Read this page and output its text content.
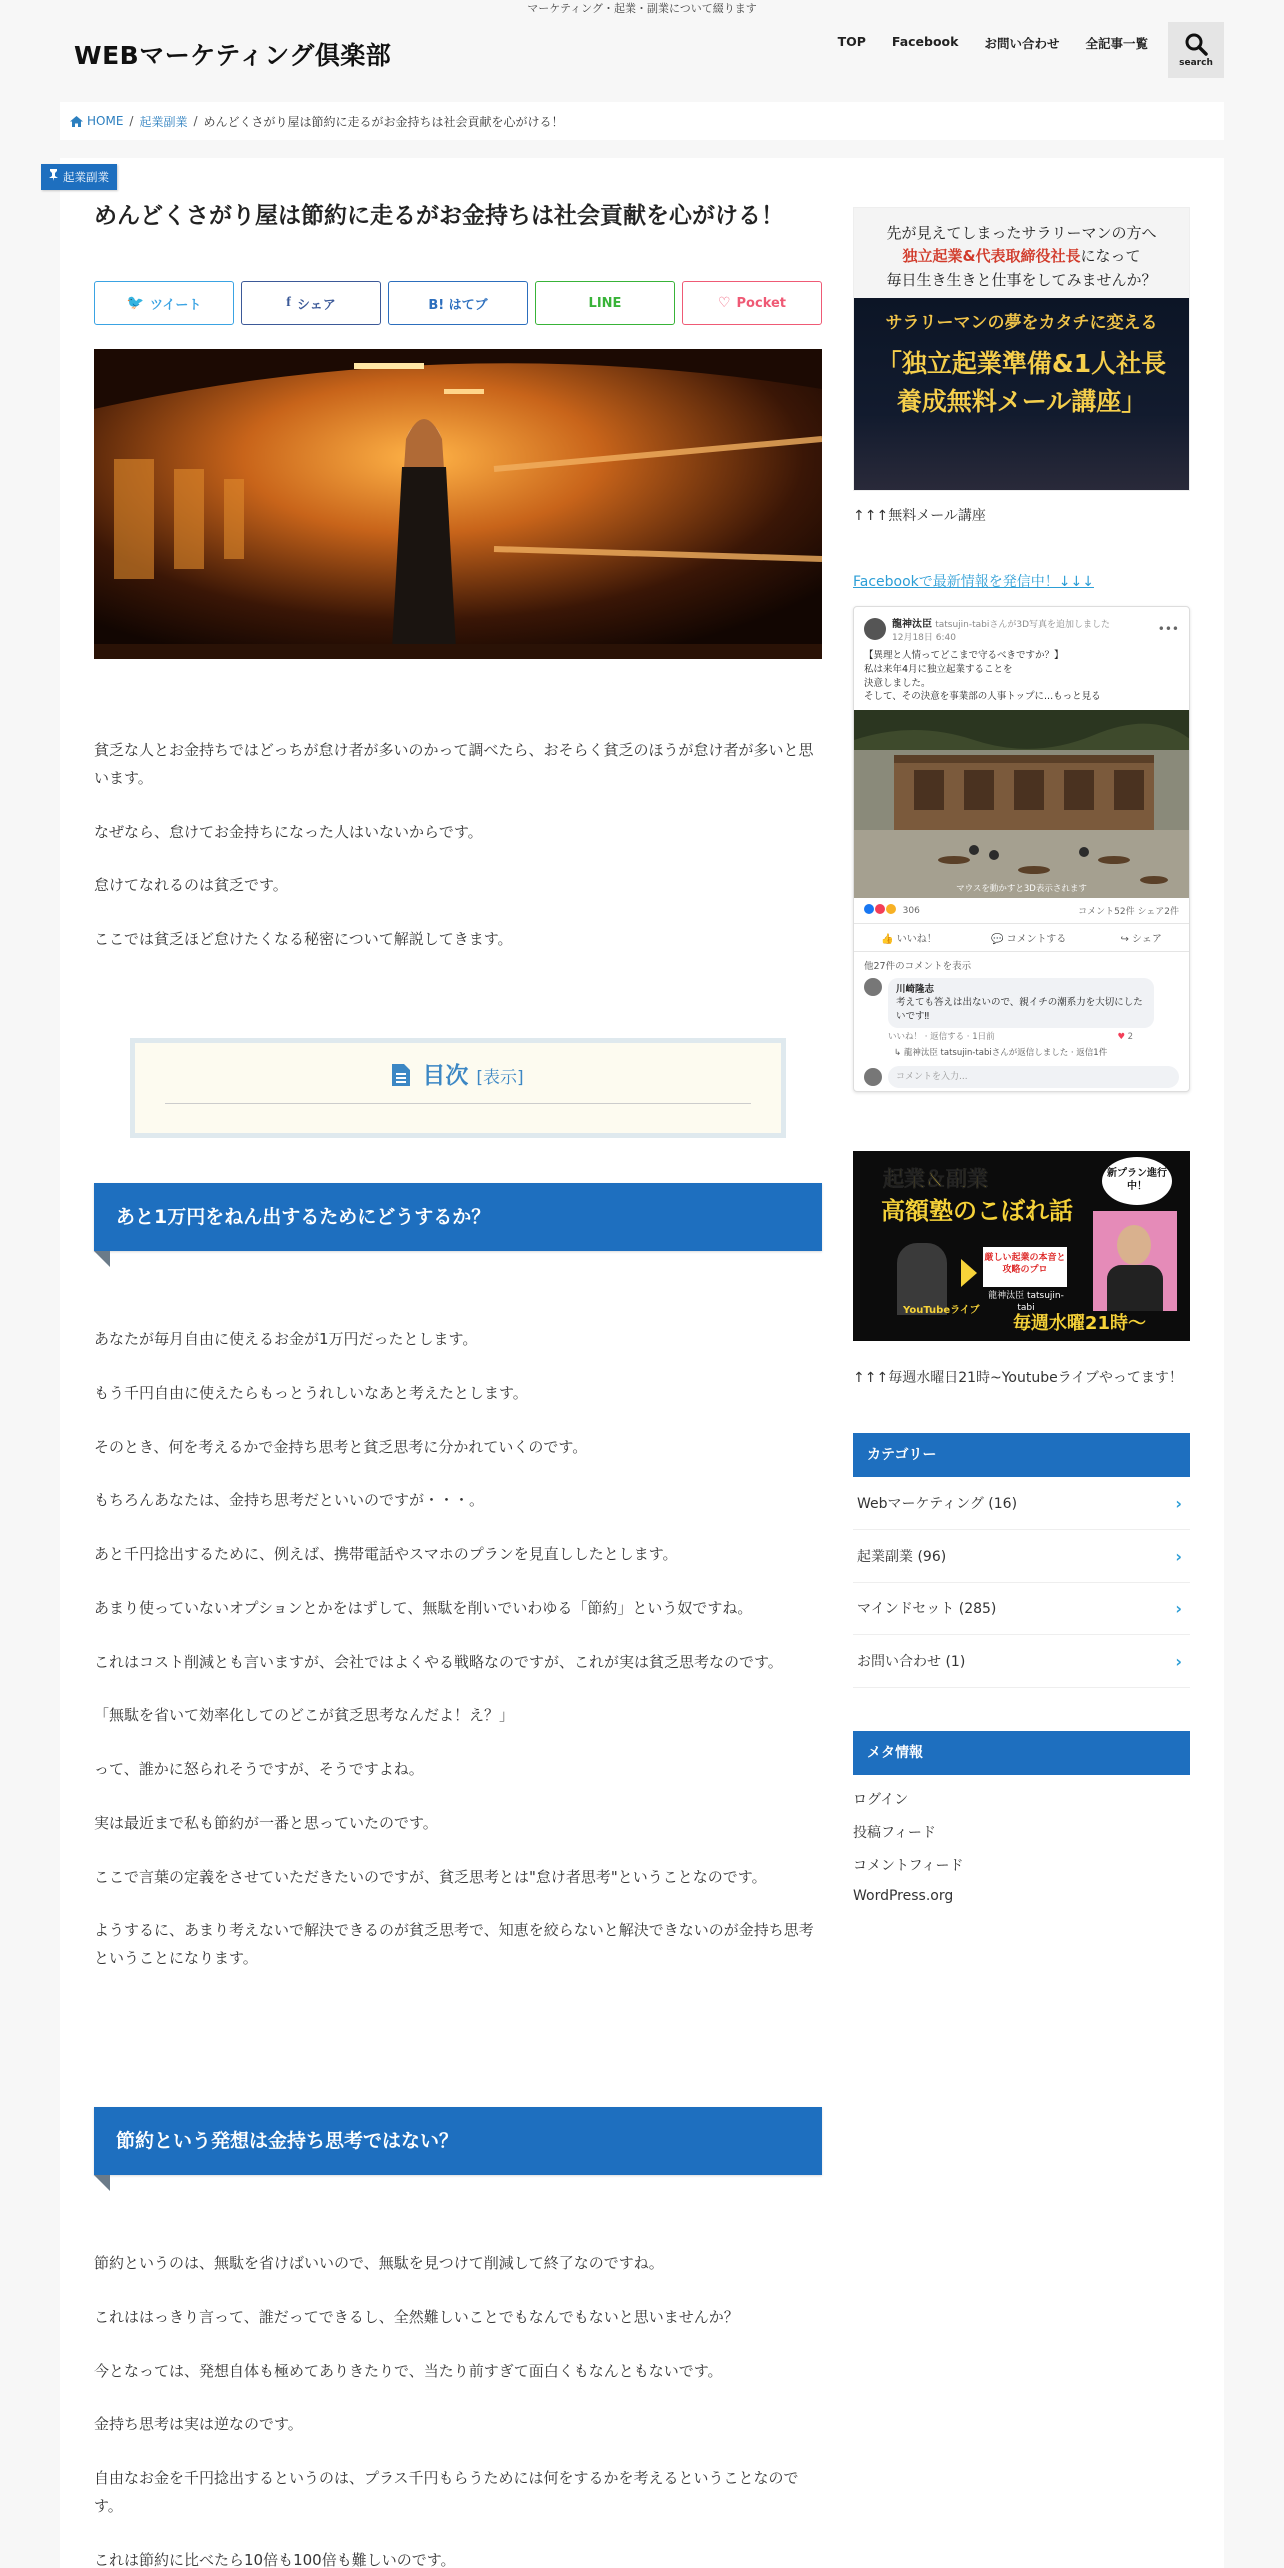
マーケティング・起業・副業について綴ります
WEBマーケティング倶楽部	TOP Facebook お問い合わせ 全記事一覧
search
HOME / 起業副業 / めんどくさがり屋は節約に走るがお金持ちは社会貢献を心がける！
起業副業
めんどくさがり屋は節約に走るがお金持ちは社会貢献を心がける！
🐦 ツイート	f シェア	B! はてブ	LINE	♡ Pocket

貧乏な人とお金持ちではどっちが怠け者が多いのかって調べたら、おそらく貧乏のほうが怠け者が多いと思います。

なぜなら、怠けてお金持ちになった人はいないからです。

怠けてなれるのは貧乏です。

ここでは貧乏ほど怠けたくなる秘密について解説してきます。

目次 [表示]
あと1万円をねん出するためにどうするか？

あなたが毎月自由に使えるお金が1万円だったとします。

もう千円自由に使えたらもっとうれしいなあと考えたとします。

そのとき、何を考えるかで金持ち思考と貧乏思考に分かれていくのです。

もちろんあなたは、金持ち思考だといいのですが・・・。

あと千円捻出するために、例えば、携帯電話やスマホのプランを見直ししたとします。

あまり使っていないオプションとかをはずして、無駄を削いでいわゆる「節約」という奴ですね。

これはコスト削減とも言いますが、会社ではよくやる戦略なのですが、これが実は貧乏思考なのです。

「無駄を省いて効率化してのどこが貧乏思考なんだよ！え？」

って、誰かに怒られそうですが、そうですよね。

実は最近まで私も節約が一番と思っていたのです。

ここで言葉の定義をさせていただきたいのですが、貧乏思考とは"怠け者思考"ということなのです。

ようするに、あまり考えないで解決できるのが貧乏思考で、知恵を絞らないと解決できないのが金持ち思考ということになります。

節約という発想は金持ち思考ではない？

節約というのは、無駄を省けばいいので、無駄を見つけて削減して終了なのですね。

これははっきり言って、誰だってできるし、全然難しいことでもなんでもないと思いませんか？

今となっては、発想自体も極めてありきたりで、当たり前すぎて面白くもなんともないです。

金持ち思考は実は逆なのです。

自由なお金を千円捻出するというのは、プラス千円もらうためには何をするかを考えるということなのです。

これは節約に比べたら10倍も100倍も難しいのです。

先が見えてしまったサラリーマンの方へ
独立起業&代表取締役社長になって
毎日生き生きと仕事をしてみませんか？
サラリーマンの夢をカタチに変える
「独立起業準備&1人社長
養成無料メール講座」
↑↑↑無料メール講座
Facebookで最新情報を発信中！↓↓↓
龍神汰臣 tatsujin-tabiさんが3D写真を追加しました
12月18日 6:40
•••
【異理と人情ってどこまで守るべきですか？】
私は来年4月に独立起業することを
決意しました。
そして、その決意を事業部の人事トップに...もっと見る
マウスを動かすと3D表示されます
306	コメント52件 シェア2件
👍 いいね！	💬 コメントする	↪ シェア
他27件のコメントを表示
川崎隆志
考えても答えは出ないので、親イチの潮系力を大切にしたいです‼
いいね！ · 返信する · 1日前	♥ 2
↳ 龍神汰臣 tatsujin-tabiさんが返信しました · 返信1件
コメントを入力...
起業＆副業
高額塾のこぼれ話
新プラン進行中！
YouTubeライブ
厳しい起業の本音と攻略のプロ
龍神汰臣 tatsujin-tabi
毎週水曜21時〜
↑↑↑毎週水曜日21時~Youtubeライブやってます！
カテゴリー
Webマーケティング (16)	›
起業副業 (96)	›
マインドセット (285)	›
お問い合わせ (1)	›
メタ情報
ログイン
投稿フィード
コメントフィード
WordPress.org
